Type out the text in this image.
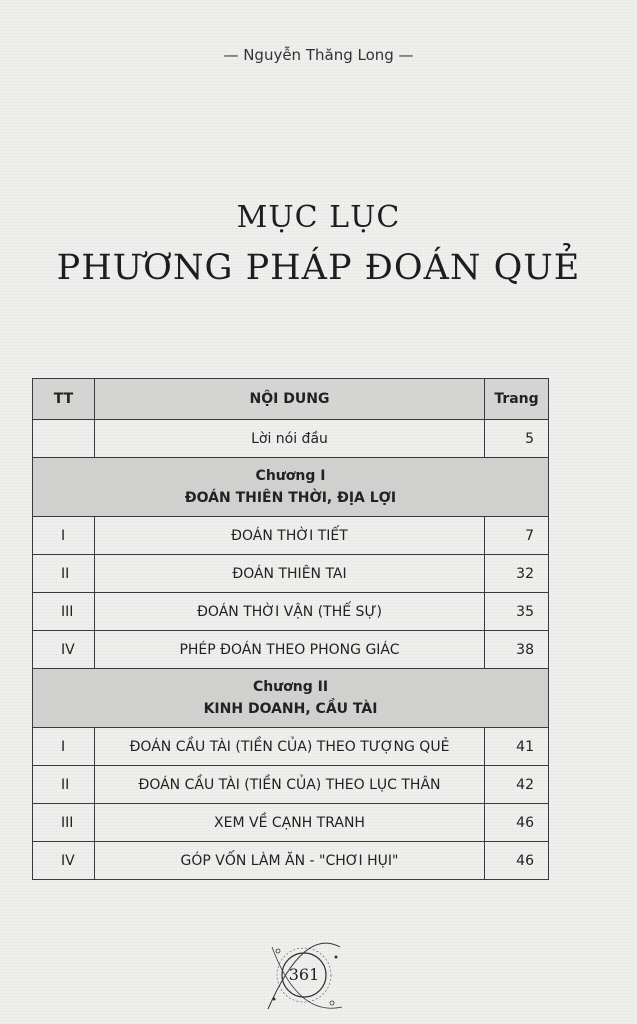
— Nguyễn Thăng Long —
MỤC LỤC
PHƯƠNG PHÁP ĐOÁN QUẺ
TT	NỘI DUNG	Trang
	Lời nói đầu	5

Chương I
ĐOÁN THIÊN THỜI, ĐỊA LỢI		

I	ĐOÁN THỜI TIẾT	7
II	ĐOÁN THIÊN TAI	32
III	ĐOÁN THỜI VẬN (THẾ SỰ)	35
IV	PHÉP ĐOÁN THEO PHONG GIÁC	38

Chương II
KINH DOANH, CẦU TÀI		

I	ĐOÁN CẦU TÀI (TIỀN CỦA) THEO TƯỢNG QUẺ	41
II	ĐOÁN CẦU TÀI (TIỀN CỦA) THEO LỤC THÂN	42
III	XEM VỀ CẠNH TRANH	46
IV	GÓP VỐN LÀM ĂN - "CHƠI HỤI"	46
361
